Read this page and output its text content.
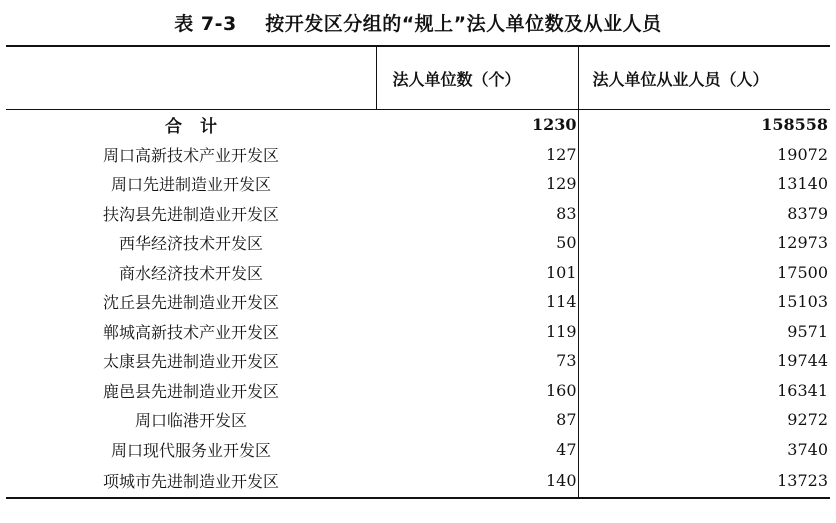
表 7-3    按开发区分组的“规上”法人单位数及从业人员
	法人单位数（个）	法人单位从业人员（人）
合计	1230	158558
周口高新技术产业开发区	127	19072
周口先进制造业开发区	129	13140
扶沟县先进制造业开发区	83	8379
西华经济技术开发区	50	12973
商水经济技术开发区	101	17500
沈丘县先进制造业开发区	114	15103
郸城高新技术产业开发区	119	9571
太康县先进制造业开发区	73	19744
鹿邑县先进制造业开发区	160	16341
周口临港开发区	87	9272
周口现代服务业开发区	47	3740
项城市先进制造业开发区	140	13723
